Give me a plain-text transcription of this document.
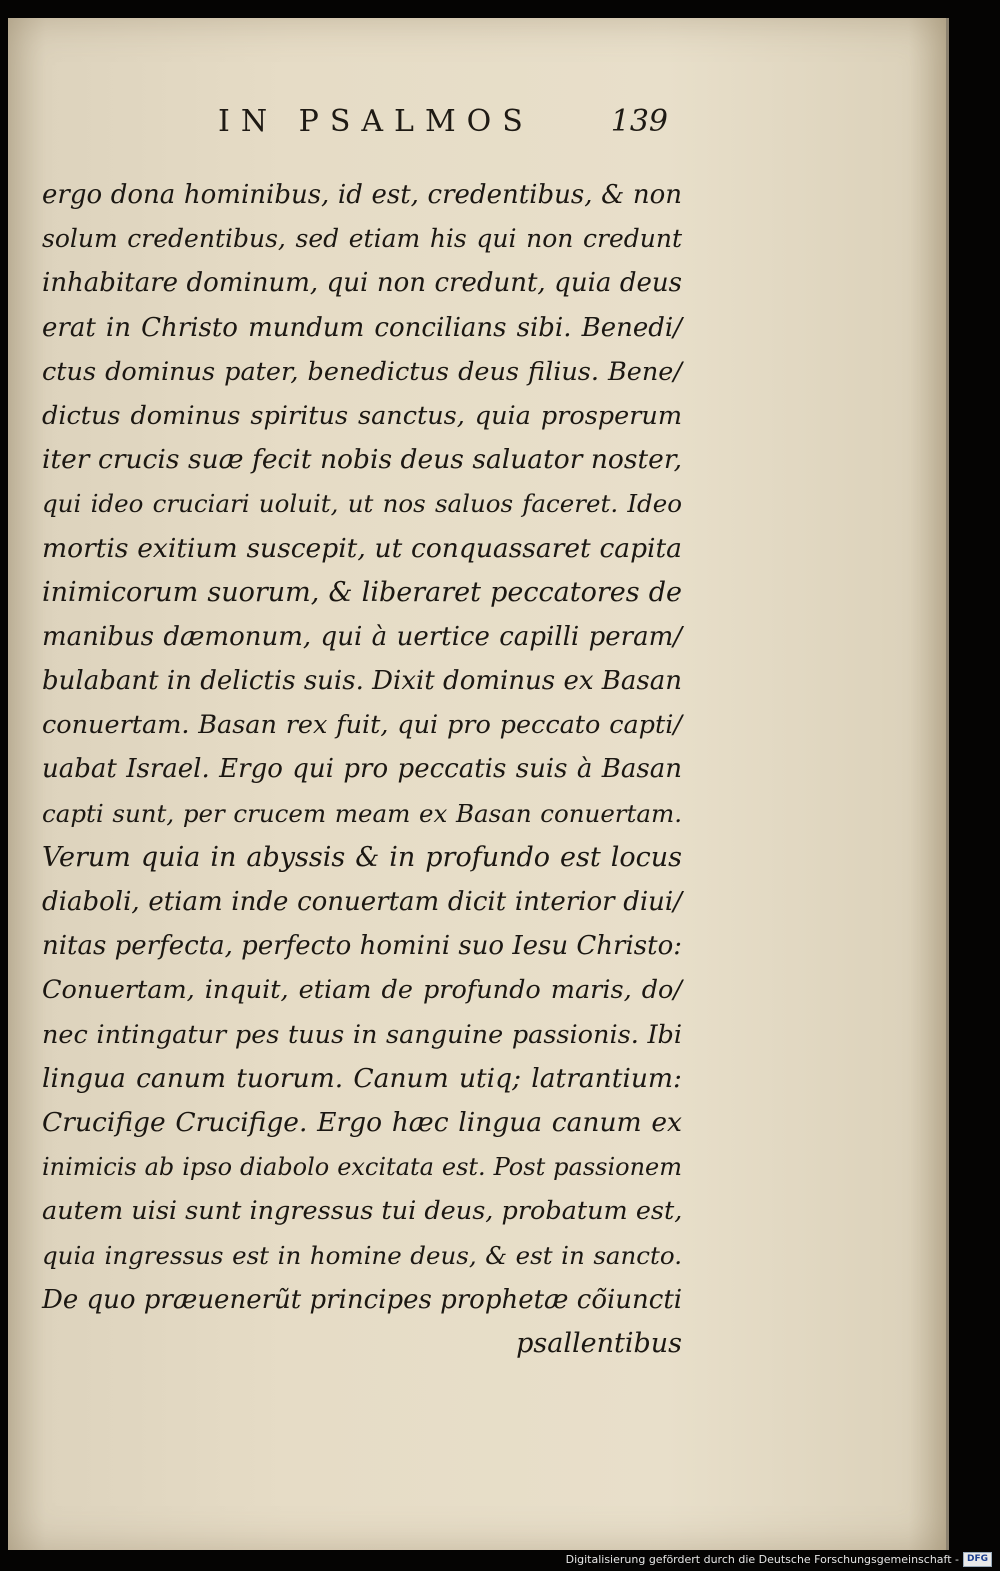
IN PSALMOS	139
ergo dona hominibus, id est, credentibus, & non
solum credentibus, sed etiam his qui non credunt
inhabitare dominum, qui non credunt, quia deus
erat in Christo mundum concilians sibi. Benedi/
ctus dominus pater, benedictus deus filius. Bene/
dictus dominus spiritus sanctus, quia prosperum
iter crucis suæ fecit nobis deus saluator noster,
qui ideo cruciari uoluit, ut nos saluos faceret. Ideo
mortis exitium suscepit, ut conquassaret capita
inimicorum suorum, & liberaret peccatores de
manibus dæmonum, qui à uertice capilli peram/
bulabant in delictis suis. Dixit dominus ex Basan
conuertam. Basan rex fuit, qui pro peccato capti/
uabat Israel. Ergo qui pro peccatis suis à Basan
capti sunt, per crucem meam ex Basan conuertam.
Verum quia in abyssis & in profundo est locus
diaboli, etiam inde conuertam dicit interior diui/
nitas perfecta, perfecto homini suo Iesu Christo:
Conuertam, inquit, etiam de profundo maris, do/
nec intingatur pes tuus in sanguine passionis. Ibi
lingua canum tuorum. Canum utiq; latrantium:
Crucifige Crucifige. Ergo hæc lingua canum ex
inimicis ab ipso diabolo excitata est. Post passionem
autem uisi sunt ingressus tui deus, probatum est,
quia ingressus est in homine deus, & est in sancto.
De quo præuenerũt principes prophetæ cõiuncti
psallentibus
Digitalisierung gefördert durch die Deutsche Forschungsgemeinschaft - DFG
